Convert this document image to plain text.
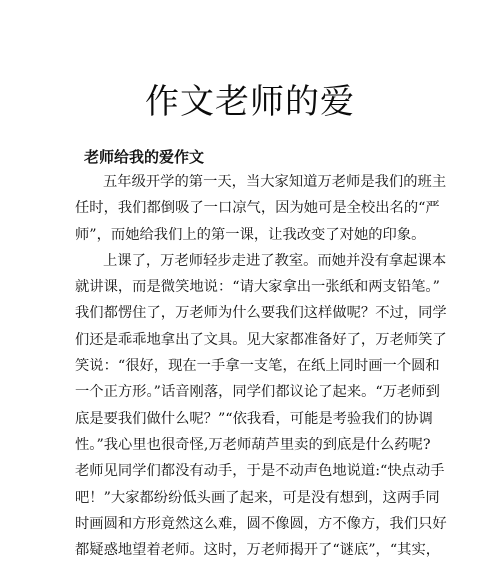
作文老师的爱
老师给我的爱作文
五年级开学的第一天，当大家知道万老师是我们的班主
任时，我们都倒吸了一口凉气，因为她可是全校出名的“严
师”，而她给我们上的第一课，让我改变了对她的印象。
上课了，万老师轻步走进了教室。而她并没有拿起课本
就讲课，而是微笑地说：“请大家拿出一张纸和两支铅笔。”
我们都愣住了，万老师为什么要我们这样做呢？不过，同学
们还是乖乖地拿出了文具。见大家都准备好了，万老师笑了
笑说：“很好，现在一手拿一支笔，在纸上同时画一个圆和
一个正方形。”话音刚落，同学们都议论了起来。“万老师到
底是要我们做什么呢？”“依我看，可能是考验我们的协调
性。”我心里也很奇怪,万老师葫芦里卖的到底是什么药呢?
老师见同学们都没有动手，于是不动声色地说道:“快点动手
吧！”大家都纷纷低头画了起来，可是没有想到，这两手同
时画圆和方形竟然这么难，圆不像圆，方不像方，我们只好
都疑惑地望着老师。这时，万老师揭开了“谜底”，“其实，
